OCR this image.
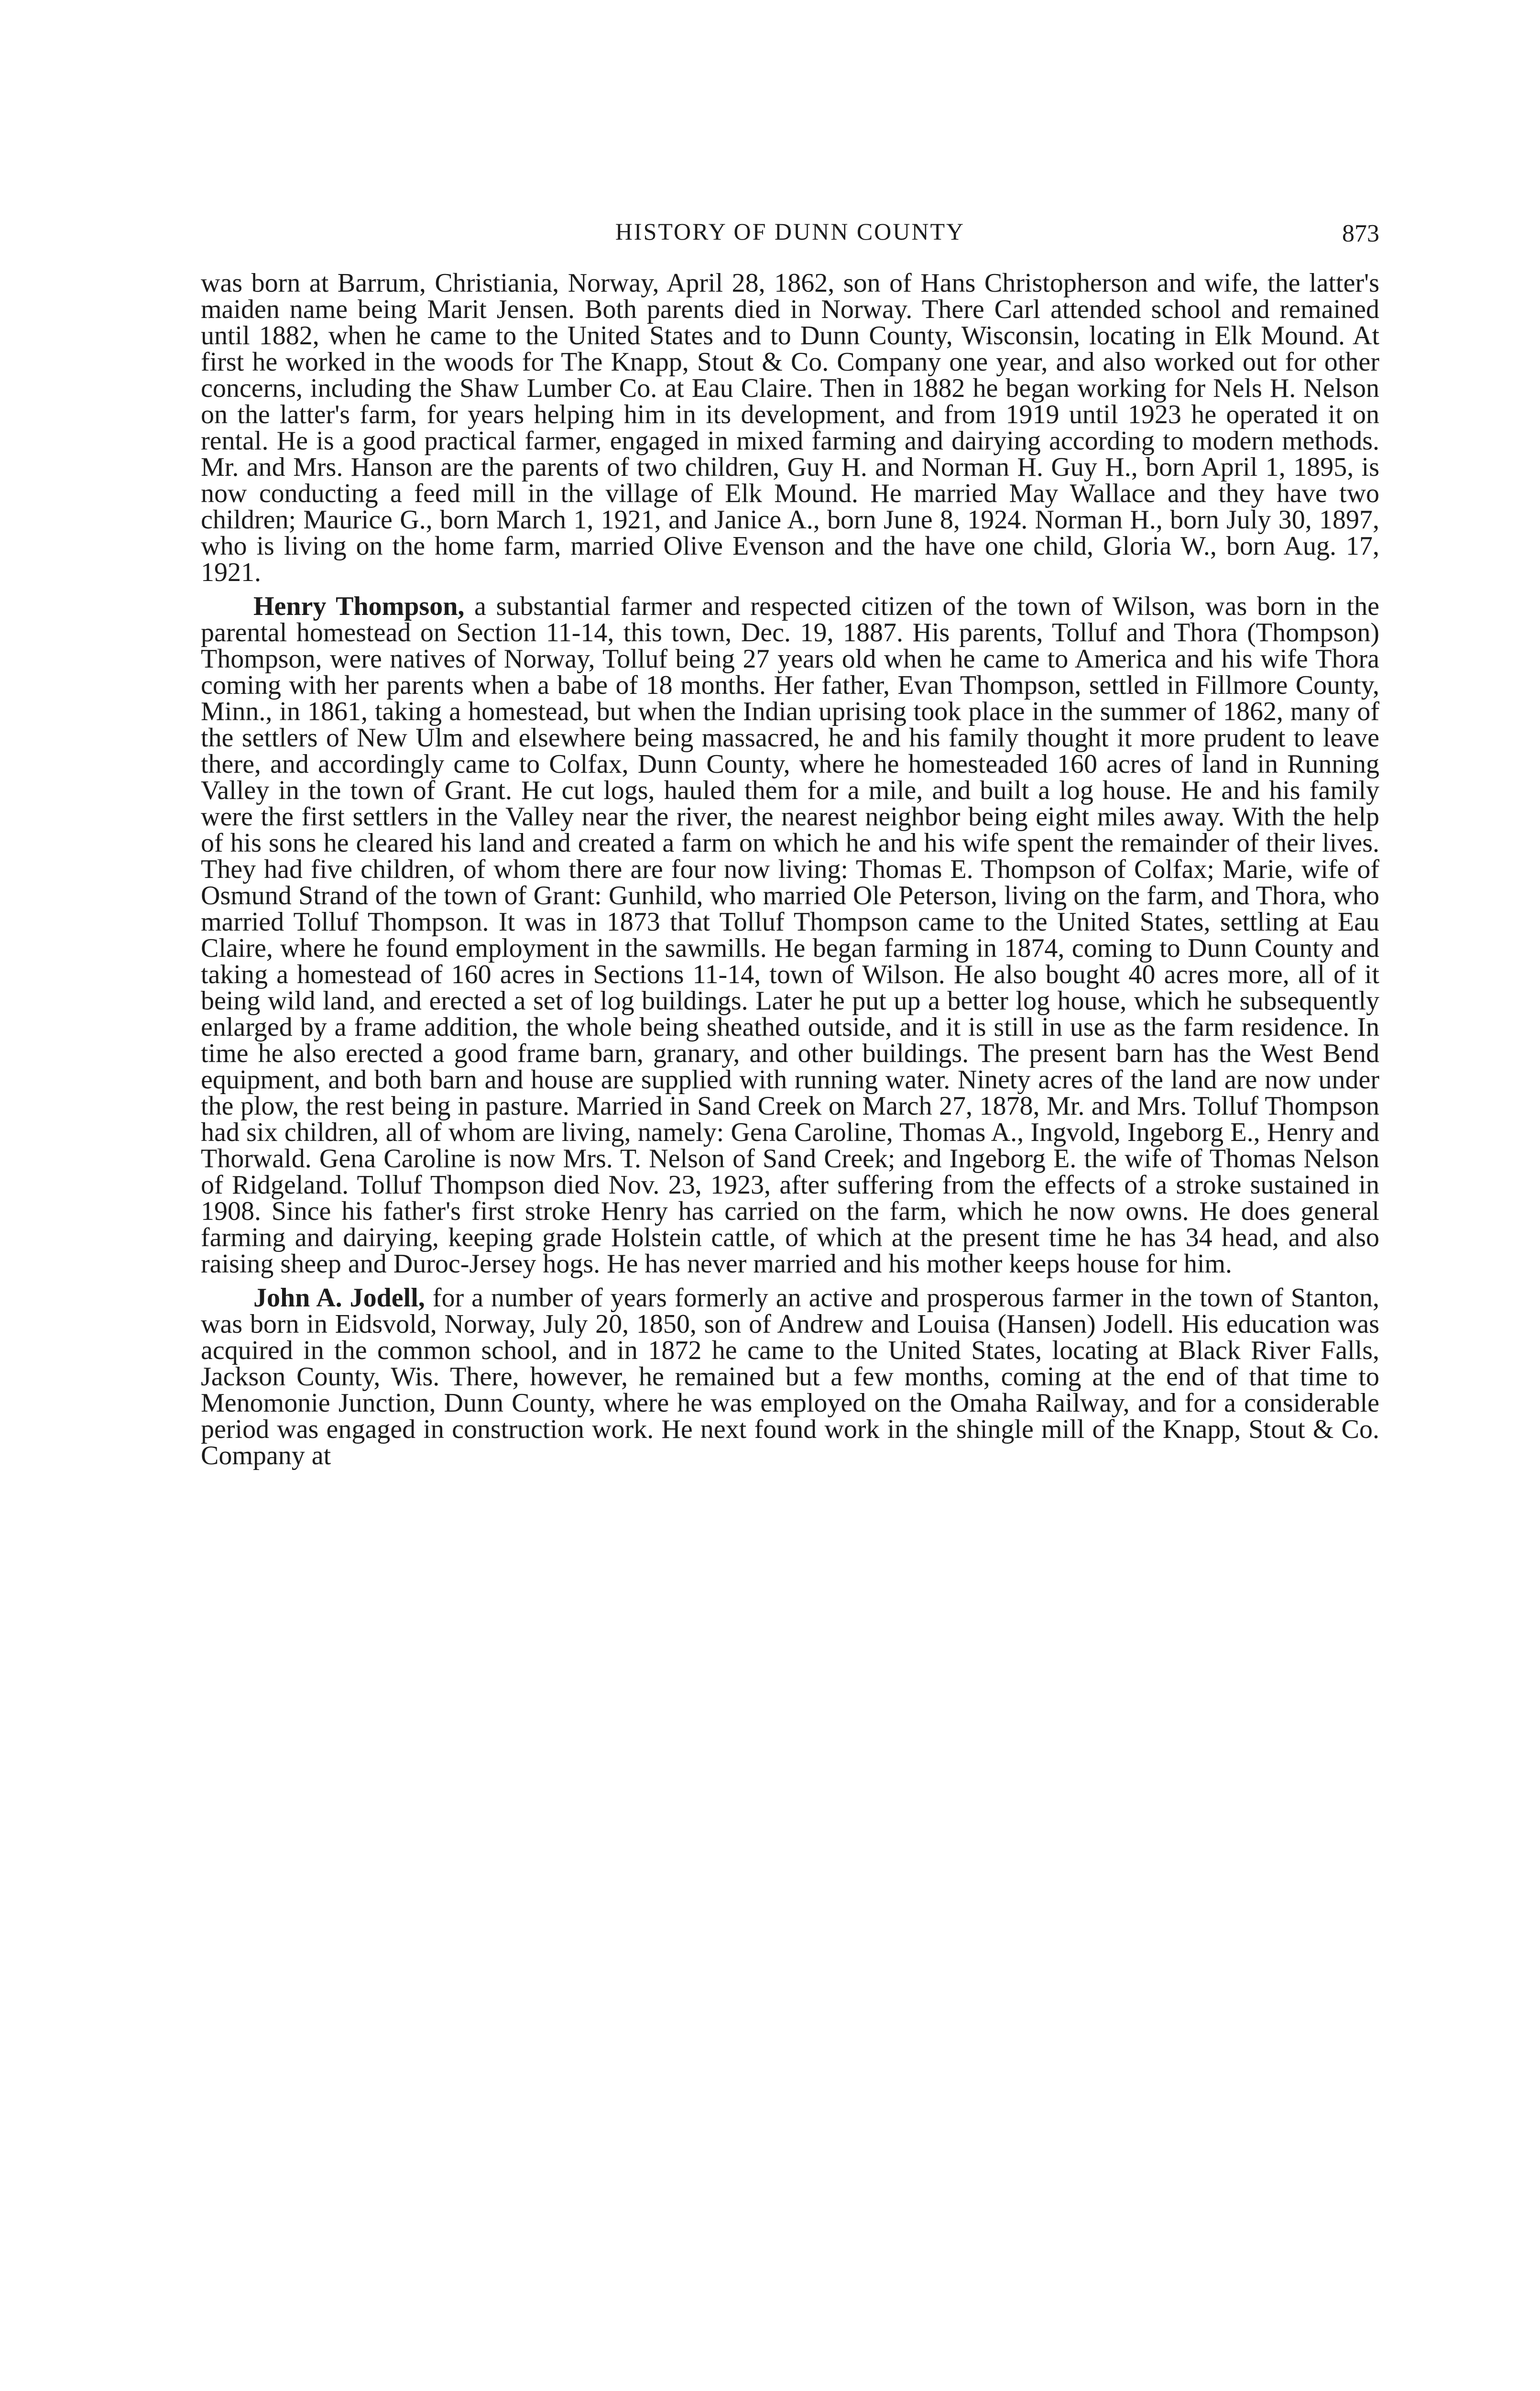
HISTORY OF DUNN COUNTY	873

was born at Barrum, Christiania, Norway, April 28, 1862, son of Hans Christopherson and wife, the latter's maiden name being Marit Jensen. Both parents died in Norway. There Carl attended school and remained until 1882, when he came to the United States and to Dunn County, Wisconsin, locating in Elk Mound. At first he worked in the woods for The Knapp, Stout & Co. Company one year, and also worked out for other concerns, including the Shaw Lumber Co. at Eau Claire. Then in 1882 he began working for Nels H. Nelson on the latter's farm, for years helping him in its development, and from 1919 until 1923 he operated it on rental. He is a good practical farmer, engaged in mixed farming and dairying according to modern methods. Mr. and Mrs. Hanson are the parents of two children, Guy H. and Norman H. Guy H., born April 1, 1895, is now conducting a feed mill in the village of Elk Mound. He married May Wallace and they have two children; Maurice G., born March 1, 1921, and Janice A., born June 8, 1924. Norman H., born July 30, 1897, who is living on the home farm, married Olive Evenson and the have one child, Gloria W., born Aug. 17, 1921.

Henry Thompson, a substantial farmer and respected citizen of the town of Wilson, was born in the parental homestead on Section 11-14, this town, Dec. 19, 1887. His parents, Tolluf and Thora (Thompson) Thompson, were natives of Norway, Tolluf being 27 years old when he came to America and his wife Thora coming with her parents when a babe of 18 months. Her father, Evan Thompson, settled in Fillmore County, Minn., in 1861, taking a homestead, but when the Indian uprising took place in the summer of 1862, many of the settlers of New Ulm and elsewhere being massacred, he and his family thought it more prudent to leave there, and accordingly came to Colfax, Dunn County, where he homesteaded 160 acres of land in Running Valley in the town of Grant. He cut logs, hauled them for a mile, and built a log house. He and his family were the first settlers in the Valley near the river, the nearest neighbor being eight miles away. With the help of his sons he cleared his land and created a farm on which he and his wife spent the remainder of their lives. They had five children, of whom there are four now living: Thomas E. Thompson of Colfax; Marie, wife of Osmund Strand of the town of Grant: Gunhild, who married Ole Peterson, living on the farm, and Thora, who married Tolluf Thompson. It was in 1873 that Tolluf Thompson came to the United States, settling at Eau Claire, where he found employment in the sawmills. He began farming in 1874, coming to Dunn County and taking a homestead of 160 acres in Sections 11-14, town of Wilson. He also bought 40 acres more, all of it being wild land, and erected a set of log buildings. Later he put up a better log house, which he subsequently enlarged by a frame addition, the whole being sheathed outside, and it is still in use as the farm residence. In time he also erected a good frame barn, granary, and other buildings. The present barn has the West Bend equipment, and both barn and house are supplied with running water. Ninety acres of the land are now under the plow, the rest being in pasture. Married in Sand Creek on March 27, 1878, Mr. and Mrs. Tolluf Thompson had six children, all of whom are living, namely: Gena Caroline, Thomas A., Ingvold, Ingeborg E., Henry and Thorwald. Gena Caroline is now Mrs. T. Nelson of Sand Creek; and Ingeborg E. the wife of Thomas Nelson of Ridgeland. Tolluf Thompson died Nov. 23, 1923, after suffering from the effects of a stroke sustained in 1908. Since his father's first stroke Henry has carried on the farm, which he now owns. He does general farming and dairying, keeping grade Holstein cattle, of which at the present time he has 34 head, and also raising sheep and Duroc-Jersey hogs. He has never married and his mother keeps house for him.

John A. Jodell, for a number of years formerly an active and prosperous farmer in the town of Stanton, was born in Eidsvold, Norway, July 20, 1850, son of Andrew and Louisa (Hansen) Jodell. His education was acquired in the common school, and in 1872 he came to the United States, locating at Black River Falls, Jackson County, Wis. There, however, he remained but a few months, coming at the end of that time to Menomonie Junction, Dunn County, where he was employed on the Omaha Railway, and for a considerable period was engaged in construction work. He next found work in the shingle mill of the Knapp, Stout & Co. Company at
